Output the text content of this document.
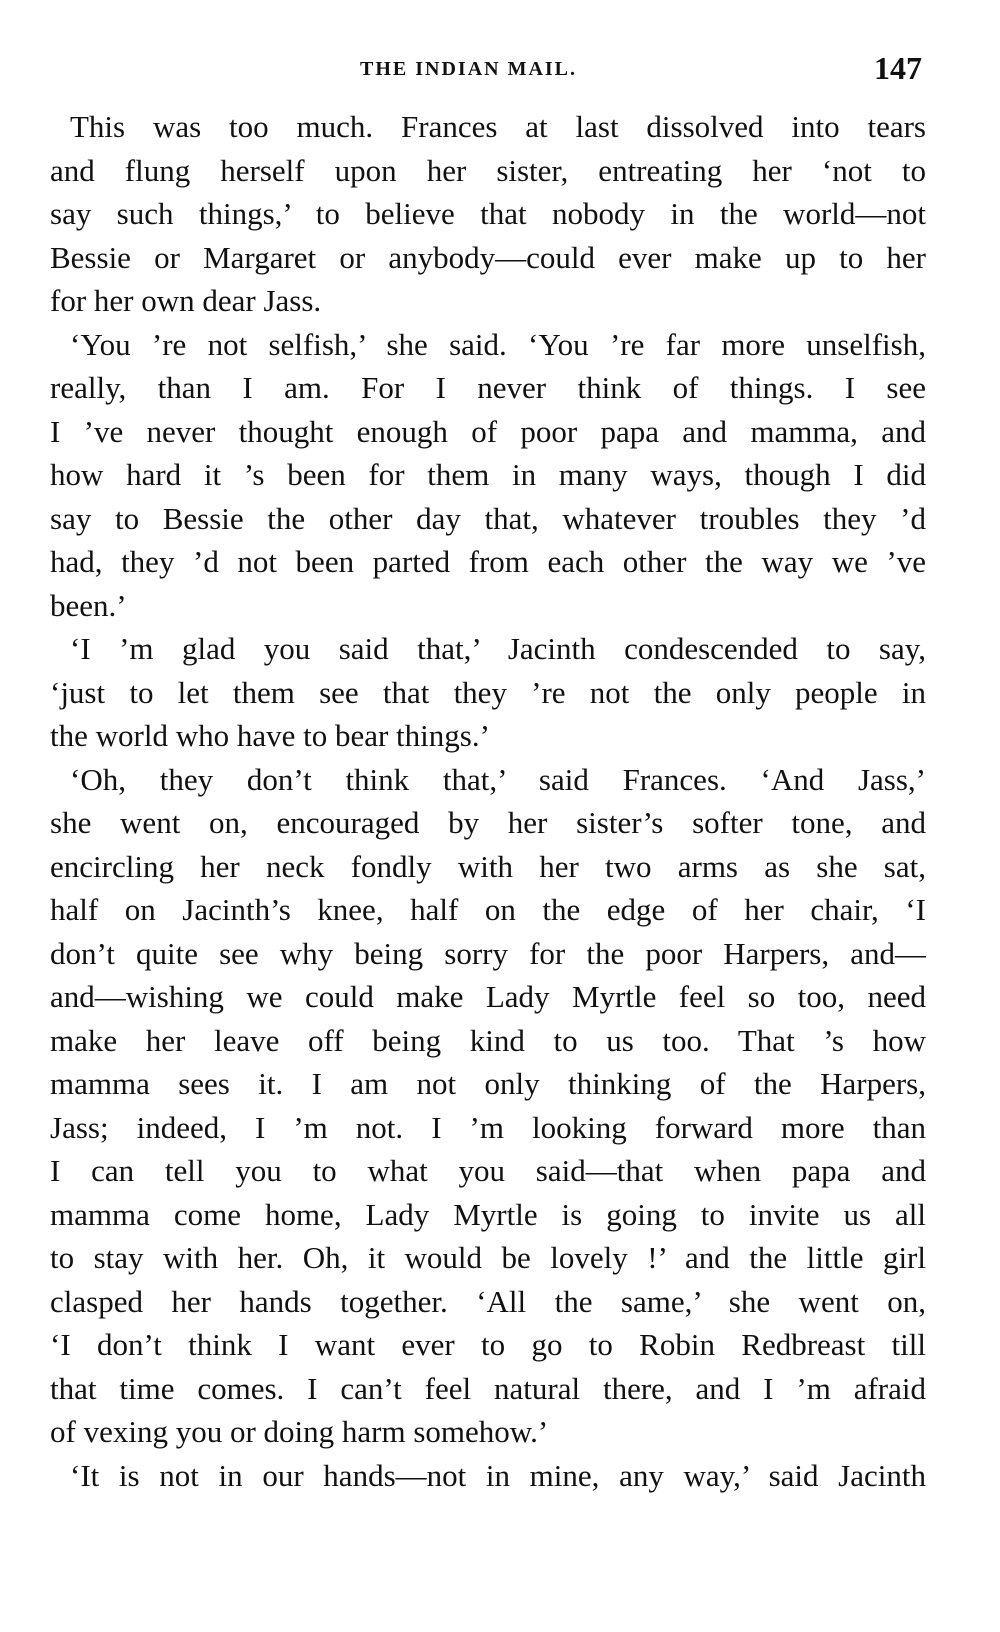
THE INDIAN MAIL.	147
This was too much. Frances at last dissolved into tears
and flung herself upon her sister, entreating her ‘not to
say such things,’ to believe that nobody in the world—not
Bessie or Margaret or anybody—could ever make up to her
for her own dear Jass.
‘You ’re not selfish,’ she said. ‘You ’re far more unselfish,
really, than I am. For I never think of things. I see
I ’ve never thought enough of poor papa and mamma, and
how hard it ’s been for them in many ways, though I did
say to Bessie the other day that, whatever troubles they ’d
had, they ’d not been parted from each other the way we ’ve
been.’
‘I ’m glad you said that,’ Jacinth condescended to say,
‘just to let them see that they ’re not the only people in
the world who have to bear things.’
‘Oh, they don’t think that,’ said Frances. ‘And Jass,’
she went on, encouraged by her sister’s softer tone, and
encircling her neck fondly with her two arms as she sat,
half on Jacinth’s knee, half on the edge of her chair, ‘I
don’t quite see why being sorry for the poor Harpers, and—
and—wishing we could make Lady Myrtle feel so too, need
make her leave off being kind to us too. That ’s how
mamma sees it. I am not only thinking of the Harpers,
Jass; indeed, I ’m not. I ’m looking forward more than
I can tell you to what you said—that when papa and
mamma come home, Lady Myrtle is going to invite us all
to stay with her. Oh, it would be lovely !’ and the little girl
clasped her hands together. ‘All the same,’ she went on,
‘I don’t think I want ever to go to Robin Redbreast till
that time comes. I can’t feel natural there, and I ’m afraid
of vexing you or doing harm somehow.’
‘It is not in our hands—not in mine, any way,’ said Jacinth
